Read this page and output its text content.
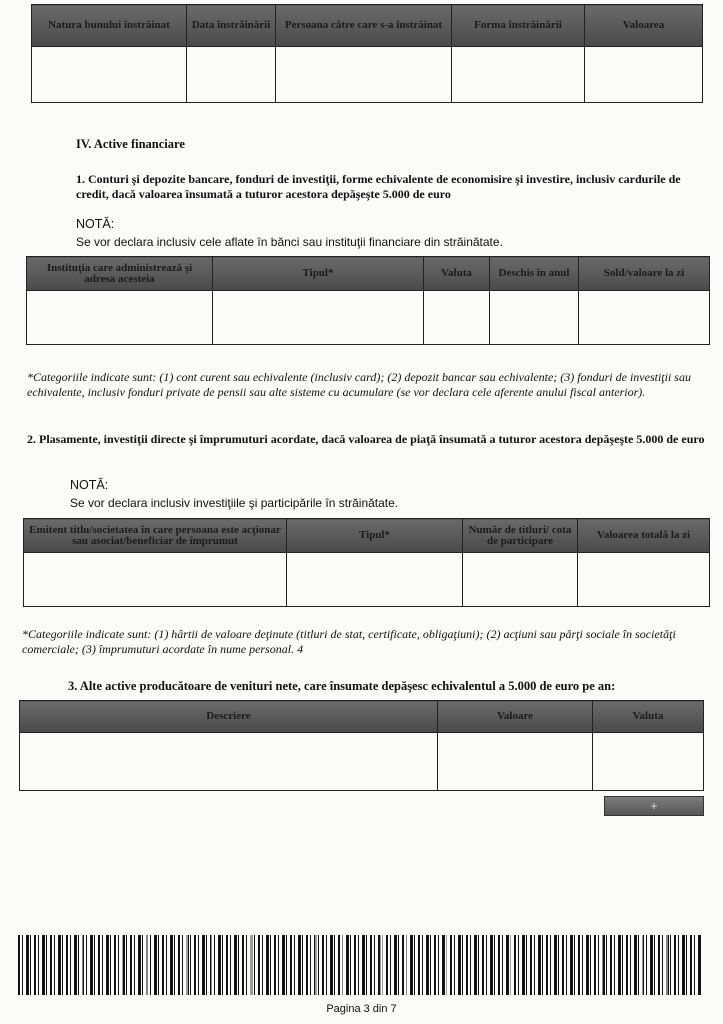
Natura bunului înstrăinat	Data înstrăinării	Persoana către care s-a înstrăinat	Forma înstrăinării	Valoarea

IV. Active financiare
1. Conturi şi depozite bancare, fonduri de investiţii, forme echivalente de economisire şi investire, inclusiv cardurile de credit, dacă valoarea însumată a tuturor acestora depăşeşte 5.000 de euro
NOTĂ:
Se vor declara inclusiv cele aflate în bănci sau instituţii financiare din străinătate.
Instituţia care administrează şi adresa acesteia	Tipul*	Valuta	Deschis în anul	Sold/valoare la zi

*Categoriile indicate sunt: (1) cont curent sau echivalente (inclusiv card); (2) depozit bancar sau echivalente; (3) fonduri de investiţii sau echivalente, inclusiv fonduri private de pensii sau alte sisteme cu acumulare (se vor declara cele aferente anului fiscal anterior).
2. Plasamente, investiţii directe şi împrumuturi acordate, dacă valoarea de piaţă însumată a tuturor acestora depăşeşte 5.000 de euro
NOTĂ:
Se vor declara inclusiv investiţiile şi participările în străinătate.
Emitent titlu/societatea în care persoana este acţionar sau asociat/beneficiar de împrumut	Tipul*	Număr de titluri/ cota de participare	Valoarea totală la zi

*Categoriile indicate sunt: (1) hârtii de valoare deţinute (titluri de stat, certificate, obligaţiuni); (2) acţiuni sau părţi sociale în societăţi comerciale; (3) împrumuturi acordate în nume personal. 4
3. Alte active producătoare de venituri nete, care însumate depăşesc echivalentul a 5.000 de euro pe an:
Descriere	Valoare	Valuta

+
Pagina 3 din 7
